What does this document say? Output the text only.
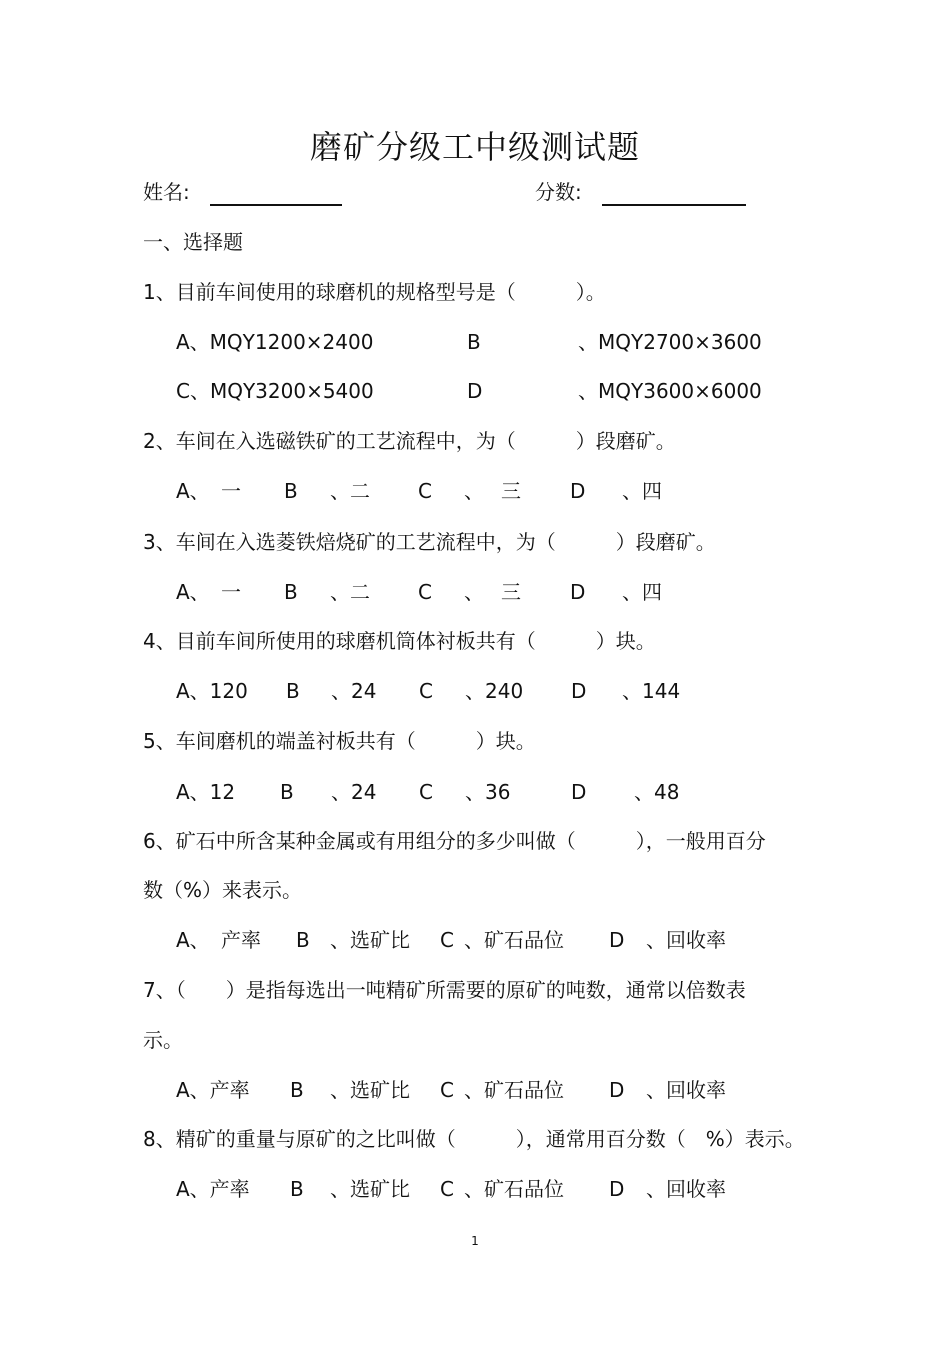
磨矿分级工中级测试题
姓名:	分数:
一、选择题
1、目前车间使用的球磨机的规格型号是（　　　）。
A、MQY1200×2400	B	、MQY2700×3600
C、MQY3200×5400	D	、MQY3600×6000
2、车间在入选磁铁矿的工艺流程中，为（　　　）段磨矿。
A、 一 B 、二 C 、 三 D 、四
3、车间在入选菱铁焙烧矿的工艺流程中，为（　　　）段磨矿。
A、 一 B 、二 C 、 三 D 、四
4、目前车间所使用的球磨机筒体衬板共有（　　　）块。
A、120 B 、24 C 、240 D 、144
5、车间磨机的端盖衬板共有（　　　）块。
A、12 B 、24 C 、36	D 、48
6、矿石中所含某种金属或有用组分的多少叫做（　　　），一般用百分
数（%）来表示。
A、 产率 B 、选矿比 C 、矿石品位 D 、回收率
7、（　　）是指每选出一吨精矿所需要的原矿的吨数，通常以倍数表
示。
A、产率 B 、选矿比 C 、矿石品位 D 、回收率
8、精矿的重量与原矿的之比叫做（　　　），通常用百分数（　%）表示。
A、产率 B 、选矿比 C 、矿石品位 D 、回收率
1
